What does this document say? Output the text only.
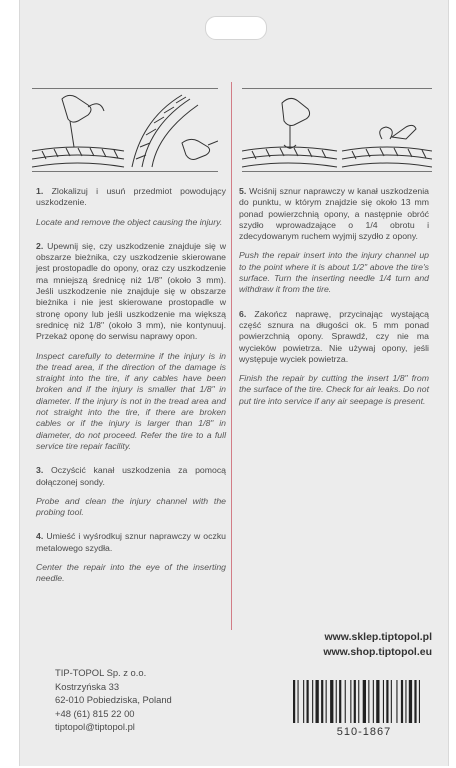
1. Zlokalizuj i usuń przedmiot powodujący uszkodzenie.

Locate and remove the object causing the injury.

2. Upewnij się, czy uszkodzenie znajduje się w obszarze bieżnika, czy uszkodzenie skierowane jest prostopadle do opony, oraz czy uszkodzenie ma mniejszą średnicę niż 1/8" (około 3 mm). Jeśli uszkodzenie nie znajduje się w obszarze bieżnika i nie jest skierowane prostopadle w stronę opony lub jeśli uszkodzenie ma większą srednicę niż 1/8" (około 3 mm), nie kontynuuj. Przekaż oponę do serwisu naprawy opon.

Inspect carefully to determine if the injury is in the tread area, if the direction of the damage is straight into the tire, if any cables have been broken and if the injury is smaller that 1/8" in diameter. If the injury is not in the tread area and not straight into the tire, if there are broken cables or if the injury is larger than 1/8" in diameter, do not proceed. Refer the tire to a full service tire repair facility.

3. Oczyścić kanał uszkodzenia za pomocą dołączonej sondy.

Probe and clean the injury channel with the probing tool.

4. Umieść i wyśrodkuj sznur naprawczy w oczku metalowego szydła.

Center the repair into the eye of the inserting needle.

5. Wciśnij sznur naprawczy w kanał uszkodzenia do punktu, w którym znajdzie się około 13 mm ponad powierzchnią opony, a następnie obróć szydło wprowadzające o 1/4 obrotu i zdecydowanym ruchem wyjmij szydło z opony.

Push the repair insert into the injury channel up to the point where it is about 1/2" above the tire's surface. Turn the inserting needle 1/4 turn and withdraw it from the tire.

6. Zakończ naprawę, przycinając wystającą część sznura na długości ok. 5 mm ponad powierzchnią opony. Sprawdź, czy nie ma wycieków powietrza. Nie używaj opony, jeśli występuje wyciek powietrza.

Finish the repair by cutting the insert 1/8" from the surface of the tire. Check for air leaks. Do not put tire into service if any air seepage is present.

www.sklep.tiptopol.pl
www.shop.tiptopol.eu
TIP-TOPOL Sp. z o.o.
Kostrzyńska 33
62-010 Pobiedziska, Poland
+48 (61) 815 22 00
tiptopol@tiptopol.pl	510-1867
